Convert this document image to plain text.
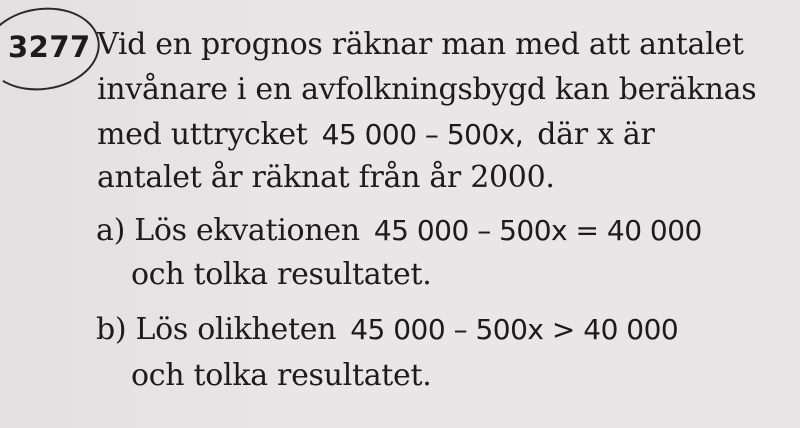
3277 Vid en prognos räknar man med att antalet
invånare i en avfolkningsbygd kan beräknas
med uttrycket 45 000 – 500x, där x är
antalet år räknat från år 2000.
a) Lös ekvationen 45 000 – 500x = 40 000
och tolka resultatet.
b) Lös olikheten 45 000 – 500x > 40 000
och tolka resultatet.
